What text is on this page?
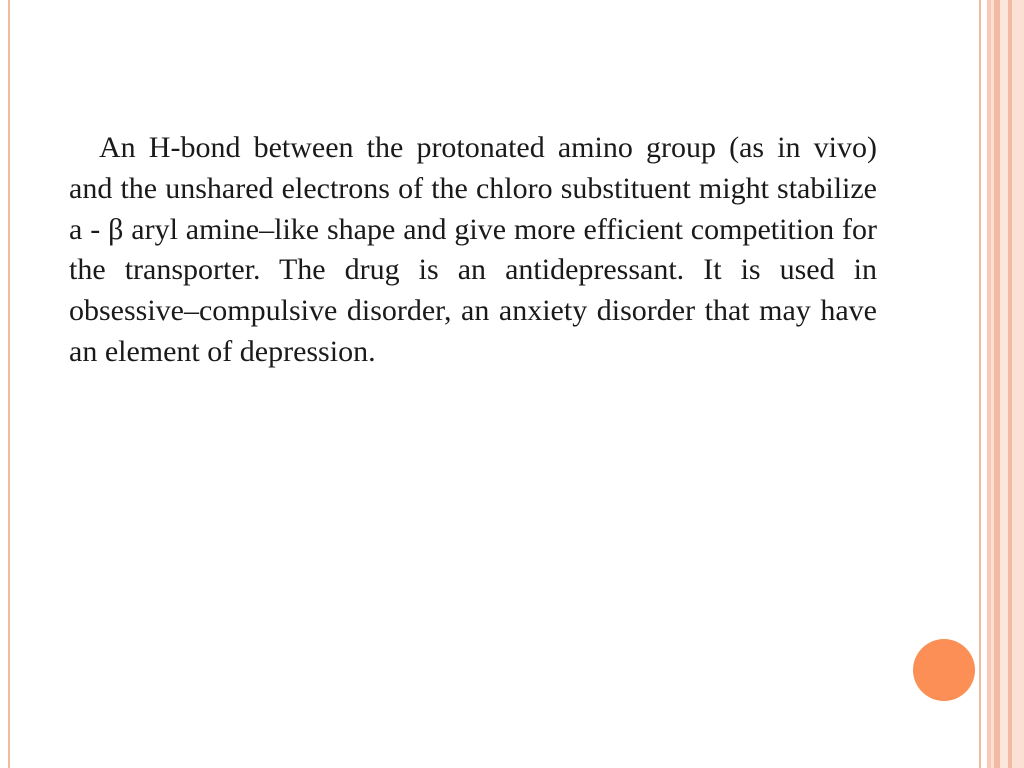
An H-bond between the protonated amino group (as in vivo) and the unshared electrons of the chloro substituent might stabilize a - β aryl amine–like shape and give more efficient competition for the transporter. The drug is an antidepressant. It is used in obsessive–compulsive disorder, an anxiety disorder that may have an element of depression.
